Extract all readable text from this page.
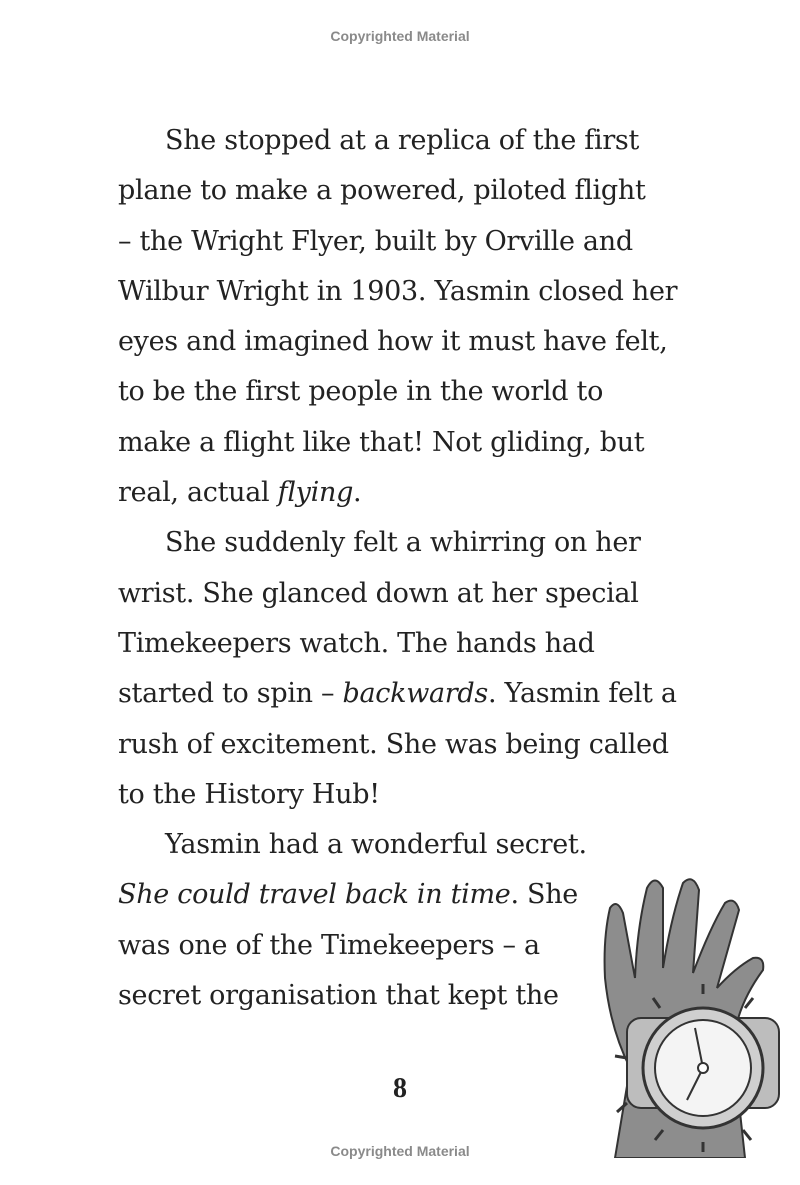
Copyrighted Material
She stopped at a replica of the first
plane to make a powered, piloted flight
– the Wright Flyer, built by Orville and
Wilbur Wright in 1903. Yasmin closed her
eyes and imagined how it must have felt,
to be the first people in the world to
make a flight like that! Not gliding, but
real, actual flying.
She suddenly felt a whirring on her
wrist. She glanced down at her special
Timekeepers watch. The hands had
started to spin – backwards. Yasmin felt a
rush of excitement. She was being called
to the History Hub!
Yasmin had a wonderful secret.
She could travel back in time. She
was one of the Timekeepers – a
secret organisation that kept the
8
Copyrighted Material
